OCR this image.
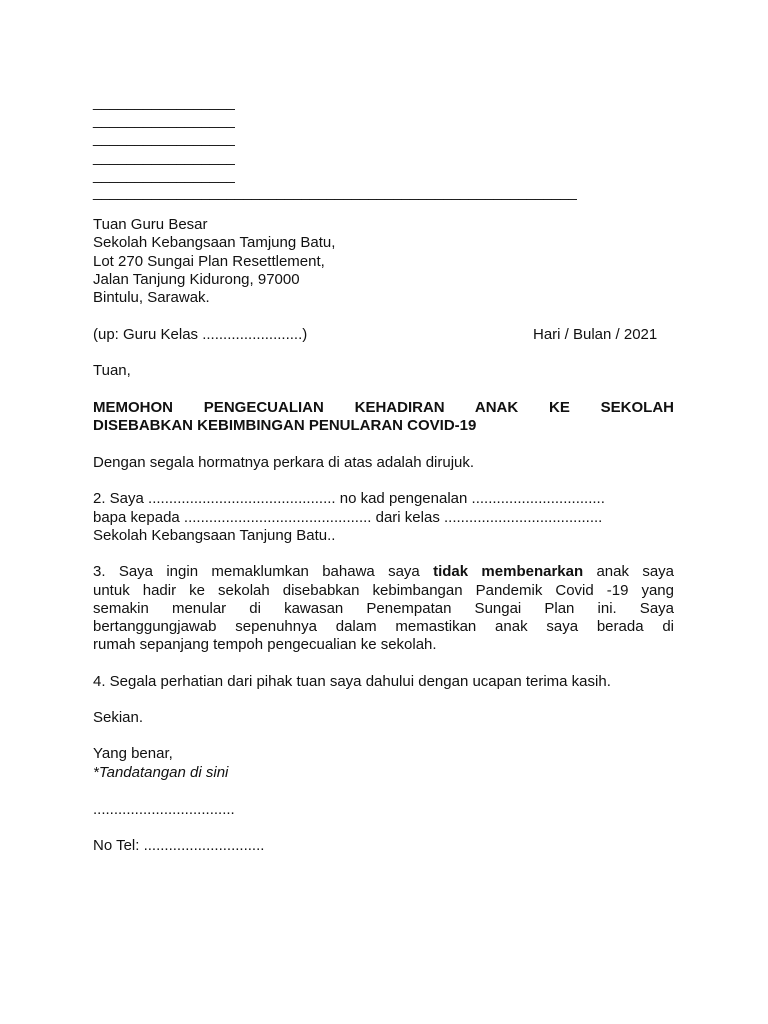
_________________
_________________
_________________
_________________
_________________
__________________________________________________________
Tuan Guru Besar
Sekolah Kebangsaan Tamjung Batu,
Lot 270 Sungai Plan Resettlement,
Jalan Tanjung Kidurong, 97000
Bintulu, Sarawak.
(up: Guru Kelas ........................)	Hari / Bulan / 2021
Tuan,
MEMOHON PENGECUALIAN KEHADIRAN ANAK KE SEKOLAH
DISEBABKAN KEBIMBINGAN PENULARAN COVID-19
Dengan segala hormatnya perkara di atas adalah dirujuk.
2. Saya ............................................. no kad pengenalan ................................
bapa kepada ............................................. dari kelas ......................................
Sekolah Kebangsaan Tanjung Batu..
3. Saya ingin memaklumkan bahawa saya tidak membenarkan anak saya
untuk hadir ke sekolah disebabkan kebimbangan Pandemik Covid -19 yang
semakin menular di kawasan Penempatan Sungai Plan ini. Saya
bertanggungjawab sepenuhnya dalam memastikan anak saya berada di
rumah sepanjang tempoh pengecualian ke sekolah.
4. Segala perhatian dari pihak tuan saya dahului dengan ucapan terima kasih.
Sekian.
Yang benar,
*Tandatangan di sini
..................................
No Tel: .............................
